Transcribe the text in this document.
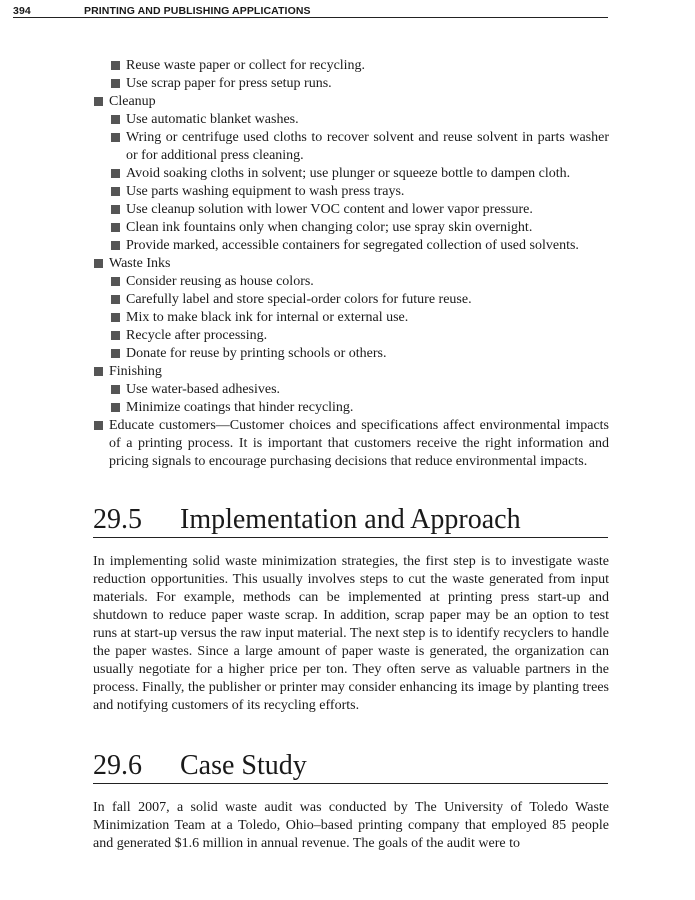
394	PRINTING AND PUBLISHING APPLICATIONS
Reuse waste paper or collect for recycling.
Use scrap paper for press setup runs.
Cleanup
Use automatic blanket washes.
Wring or centrifuge used cloths to recover solvent and reuse solvent in parts washer or for additional press cleaning.
Avoid soaking cloths in solvent; use plunger or squeeze bottle to dampen cloth.
Use parts washing equipment to wash press trays.
Use cleanup solution with lower VOC content and lower vapor pressure.
Clean ink fountains only when changing color; use spray skin overnight.
Provide marked, accessible containers for segregated collection of used solvents.
Waste Inks
Consider reusing as house colors.
Carefully label and store special-order colors for future reuse.
Mix to make black ink for internal or external use.
Recycle after processing.
Donate for reuse by printing schools or others.
Finishing
Use water-based adhesives.
Minimize coatings that hinder recycling.
Educate customers—Customer choices and specifications affect environmental impacts of a printing process. It is important that customers receive the right information and pricing signals to encourage purchasing decisions that reduce environmental impacts.
29.5 Implementation and Approach

In implementing solid waste minimization strategies, the first step is to investigate waste reduction opportunities. This usually involves steps to cut the waste generated from input materials. For example, methods can be implemented at printing press start-up and shutdown to reduce paper waste scrap. In addition, scrap paper may be an option to test runs at start-up versus the raw input material. The next step is to identify recyclers to handle the paper wastes. Since a large amount of paper waste is generated, the organization can usually negotiate for a higher price per ton. They often serve as valuable partners in the process. Finally, the publisher or printer may consider enhancing its image by planting trees and notifying customers of its recycling efforts.

29.6 Case Study

In fall 2007, a solid waste audit was conducted by The University of Toledo Waste Minimization Team at a Toledo, Ohio–based printing company that employed 85 people and generated $1.6 million in annual revenue. The goals of the audit were to
